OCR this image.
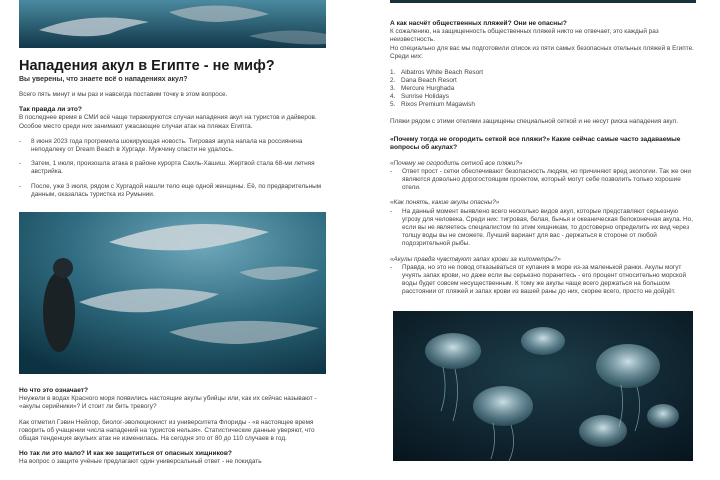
Нападения акул в Египте - не миф?
Вы уверены, что знаете всё о нападениях акул?

Всего пять минут и мы раз и навсегда поставим точку в этом вопросе.

Так правда ли это?

В последнее время в СМИ всё чаще тиражируются случаи нападения акул на туристов и дайверов. Особое место среди них занимают ужасающие случаи атак на пляжах Египта.

- 8 июня 2023 года прогремела шокирующая новость. Тигровая акула напала на россиянина неподалеку от Dream Beach в Хургаде. Мужчину спасти не удалось.
- Затем, 1 июля, произошла атака в районе курорта Сахль-Хашиш. Жертвой стала 68-ми летняя австрийка.
- После, уже 3 июля, рядом с Хургадой нашли тело еще одной женщины. Её, по предварительным данным, оказалась туристка из Румынии.

Но что это означает?

Неужели в водах Красного моря появились настоящие акулы убийцы или, как их сейчас называют - «акулы серийники»? И стоит ли бить тревогу?

Как отметил Гэвин Нейлор, биолог-эволюционист из университета Флориды - «в настоящее время говорить об учащении числа нападений на туристов нельзя». Статистические данные уверяют, что общая тенденция акульих атак не изменилась. На сегодня это от 80 до 110 случаев в год.

Но так ли это мало? И как же защититься от опасных хищников?

На вопрос о защите учёные предлагают один универсальный ответ - не покидать

А как насчёт общественных пляжей? Они не опасны?

К сожалению, на защищенность общественных пляжей никто не отвечает, это каждый раз неизвестность.

Но специально для вас мы подготовили список из пяти самых безопасных отельных пляжей в Египте. Среди них:

1. Albatros White Beach Resort
2. Dana Beach Resort
3. Mercure Hurghada
4. Sunrise Holidays
5. Rixos Premium Magawish

Пляжи рядом с этими отелями защищены специальной сеткой и не несут риска нападения акул.

«Почему тогда не огородить сеткой все пляжи?» Какие сейчас самые часто задаваемые вопросы об акулах?

«Почему не огородить сеткой все пляжи?»
- Ответ прост - сетки обеспечивают безопасность людям, но причиняют вред экологии. Так же они являются довольно дорогостоящим проектом, который могут себе позволить только хорошие отели.
«Как понять, какие акулы опасны?»
- На данный момент выявлено всего несколько видов акул, которые представляют серьезную угрозу для человека. Среди них: тигровая, белая, бычья и океаническая белоконечная акула. Но, если вы не являетесь специалистом по этим хищникам, то достоверно определить их вид через толщу воды вы не сможете. Лучший вариант для вас - держаться в стороне от любой подозрительной рыбы.
«Акулы правда чувствуют запах крови за километры?»
- Правда, но это не повод отказываться от купания в море из-за маленькой ранки. Акулы могут учуять запах крови, но даже если вы серьезно поранитесь - его процент относительно морской воды будет совсем несущественным. К тому же акулы чаще всего держаться на большом расстоянии от пляжей и запах крови из вашей раны до них, скорее всего, просто не дойдёт.
